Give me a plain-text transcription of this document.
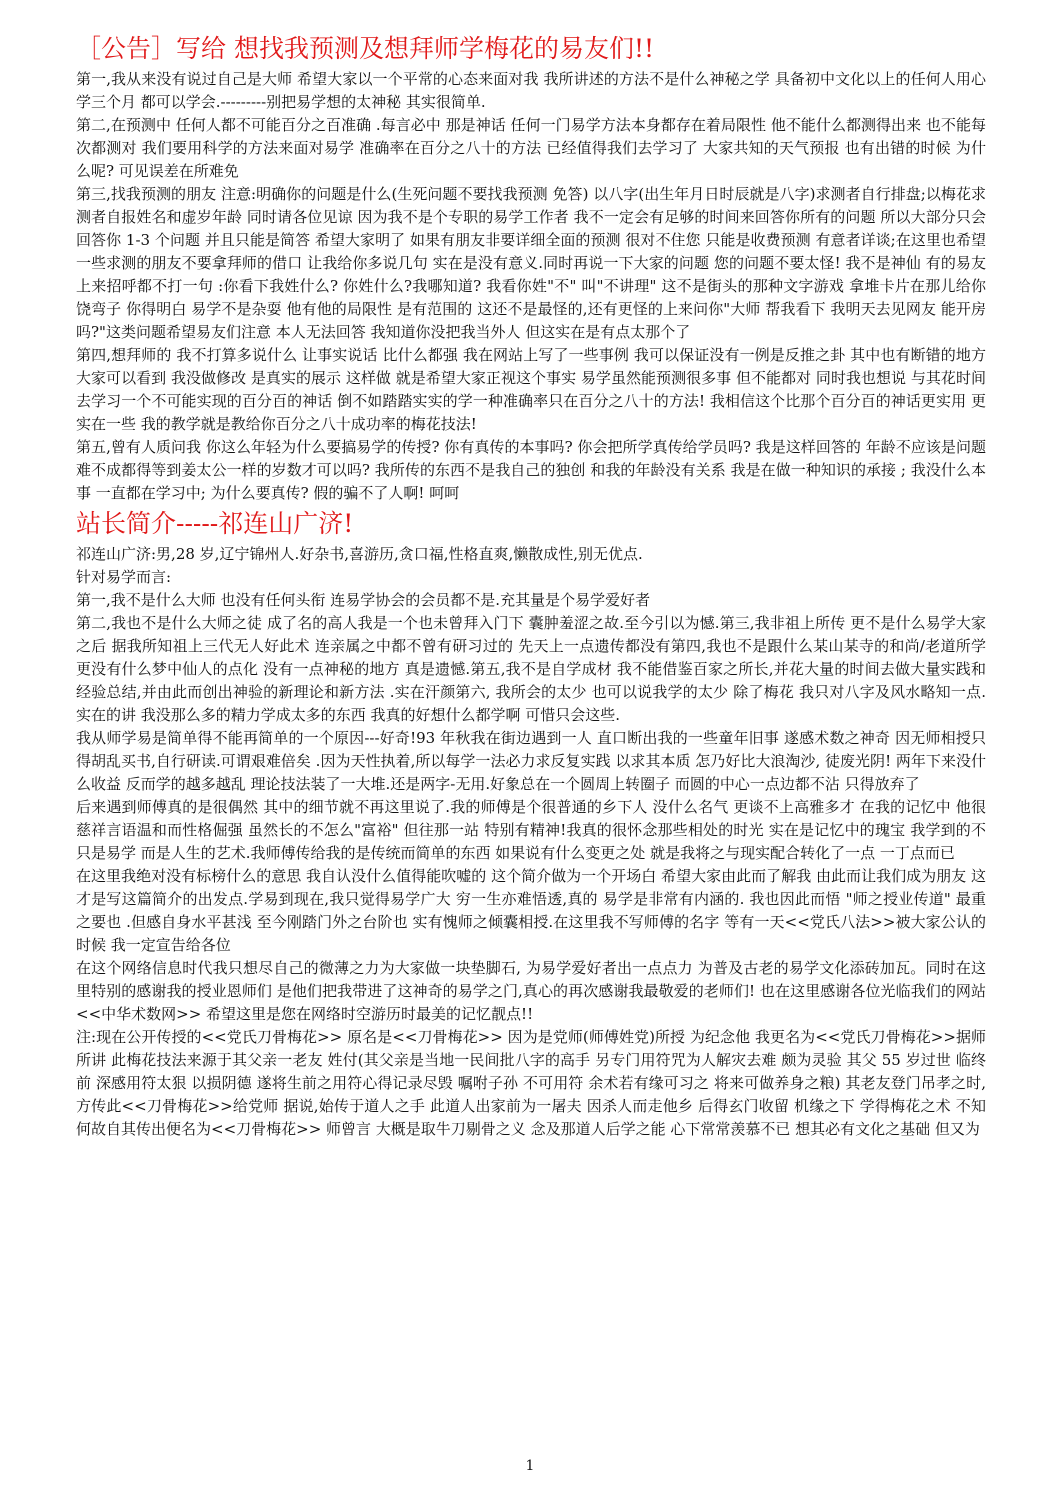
［公告］写给 想找我预测及想拜师学梅花的易友们!!

第一,我从来没有说过自己是大师 希望大家以一个平常的心态来面对我 我所讲述的方法不是什么神秘之学 具备初中文化以上的任何人用心学三个月 都可以学会.---------别把易学想的太神秘 其实很简单.

第二,在预测中 任何人都不可能百分之百准确 .每言必中 那是神话 任何一门易学方法本身都存在着局限性 他不能什么都测得出来 也不能每次都测对 我们要用科学的方法来面对易学 准确率在百分之八十的方法 已经值得我们去学习了 大家共知的天气预报 也有出错的时候 为什么呢? 可见误差在所难免

第三,找我预测的朋友 注意:明确你的问题是什么(生死问题不要找我预测 免答) 以八字(出生年月日时辰就是八字)求测者自行排盘;以梅花求测者自报姓名和虚岁年龄 同时请各位见谅 因为我不是个专职的易学工作者 我不一定会有足够的时间来回答你所有的问题 所以大部分只会回答你 1-3 个问题 并且只能是简答 希望大家明了 如果有朋友非要详细全面的预测 很对不住您 只能是收费预测 有意者详谈;在这里也希望一些求测的朋友不要拿拜师的借口 让我给你多说几句 实在是没有意义.同时再说一下大家的问题 您的问题不要太怪! 我不是神仙 有的易友上来招呼都不打一句 :你看下我姓什么? 你姓什么?我哪知道? 我看你姓"不" 叫"不讲理" 这不是街头的那种文字游戏 拿堆卡片在那儿给你饶弯子 你得明白 易学不是杂耍 他有他的局限性 是有范围的 这还不是最怪的,还有更怪的上来问你"大师 帮我看下 我明天去见网友 能开房吗?"这类问题希望易友们注意 本人无法回答 我知道你没把我当外人 但这实在是有点太那个了

第四,想拜师的 我不打算多说什么 让事实说话 比什么都强 我在网站上写了一些事例 我可以保证没有一例是反推之卦 其中也有断错的地方 大家可以看到 我没做修改 是真实的展示 这样做 就是希望大家正视这个事实 易学虽然能预测很多事 但不能都对 同时我也想说 与其花时间去学习一个不可能实现的百分百的神话 倒不如踏踏实实的学一种准确率只在百分之八十的方法! 我相信这个比那个百分百的神话更实用 更实在一些 我的教学就是教给你百分之八十成功率的梅花技法!

第五,曾有人质问我 你这么年轻为什么要搞易学的传授? 你有真传的本事吗? 你会把所学真传给学员吗? 我是这样回答的 年龄不应该是问题 难不成都得等到姜太公一样的岁数才可以吗? 我所传的东西不是我自己的独创 和我的年龄没有关系 我是在做一种知识的承接 ; 我没什么本事 一直都在学习中; 为什么要真传? 假的骗不了人啊! 呵呵

站长简介-----祁连山广济!

祁连山广济:男,28 岁,辽宁锦州人.好杂书,喜游历,贪口福,性格直爽,懒散成性,别无优点.

针对易学而言:

第一,我不是什么大师 也没有任何头衔 连易学协会的会员都不是.充其量是个易学爱好者

第二,我也不是什么大师之徒 成了名的高人我是一个也未曾拜入门下 囊肿羞涩之故.至今引以为憾.第三,我非祖上所传 更不是什么易学大家之后 据我所知祖上三代无人好此术 连亲属之中都不曾有研习过的 先天上一点遗传都没有第四,我也不是跟什么某山某寺的和尚/老道所学 更没有什么梦中仙人的点化 没有一点神秘的地方 真是遗憾.第五,我不是自学成材 我不能借鉴百家之所长,并花大量的时间去做大量实践和经验总结,并由此而创出神验的新理论和新方法 .实在汗颜第六, 我所会的太少 也可以说我学的太少 除了梅花 我只对八字及风水略知一点.实在的讲 我没那么多的精力学成太多的东西 我真的好想什么都学啊 可惜只会这些.

我从师学易是简单得不能再简单的一个原因---好奇!93 年秋我在街边遇到一人 直口断出我的一些童年旧事 遂感术数之神奇 因无师相授只得胡乱买书,自行研读.可谓艰难倍矣 .因为天性执着,所以每学一法必力求反复实践 以求其本质 怎乃好比大浪淘沙, 徒废光阴! 两年下来没什么收益 反而学的越多越乱 理论技法装了一大堆.还是两字-无用.好象总在一个圆周上转圈子 而圆的中心一点边都不沾 只得放弃了

后来遇到师傅真的是很偶然 其中的细节就不再这里说了.我的师傅是个很普通的乡下人 没什么名气 更谈不上高雅多才 在我的记忆中 他很慈祥言语温和而性格倔强 虽然长的不怎么"富裕" 但往那一站 特别有精神!我真的很怀念那些相处的时光 实在是记忆中的瑰宝 我学到的不只是易学 而是人生的艺术.我师傅传给我的是传统而简单的东西 如果说有什么变更之处 就是我将之与现实配合转化了一点 一丁点而已

在这里我绝对没有标榜什么的意思 我自认没什么值得能吹嘘的 这个简介做为一个开场白 希望大家由此而了解我 由此而让我们成为朋友 这才是写这篇简介的出发点.学易到现在,我只觉得易学广大 穷一生亦难悟透,真的 易学是非常有内涵的. 我也因此而悟 "师之授业传道" 最重之要也 .但感自身水平甚浅 至今刚踏门外之台阶也 实有愧师之倾囊相授.在这里我不写师傅的名字 等有一天<<党氏八法>>被大家公认的时候 我一定宣告给各位

在这个网络信息时代我只想尽自己的微薄之力为大家做一块垫脚石, 为易学爱好者出一点点力 为普及古老的易学文化添砖加瓦。同时在这里特别的感谢我的授业恩师们 是他们把我带进了这神奇的易学之门,真心的再次感谢我最敬爱的老师们! 也在这里感谢各位光临我们的网站<<中华术数网>> 希望这里是您在网络时空游历时最美的记忆靓点!!

注:现在公开传授的<<党氏刀骨梅花>> 原名是<<刀骨梅花>> 因为是党师(师傅姓党)所授 为纪念他 我更名为<<党氏刀骨梅花>>据师所讲 此梅花技法来源于其父亲一老友 姓付(其父亲是当地一民间批八字的高手 另专门用符咒为人解灾去难 颇为灵验 其父 55 岁过世 临终前 深感用符太狠 以损阴德 遂将生前之用符心得记录尽毁 嘱咐子孙 不可用符 余术若有缘可习之 将来可做养身之粮) 其老友登门吊孝之时,方传此<<刀骨梅花>>给党师 据说,始传于道人之手 此道人出家前为一屠夫 因杀人而走他乡 后得玄门收留 机缘之下 学得梅花之术 不知何故自其传出便名为<<刀骨梅花>> 师曾言 大概是取牛刀剔骨之义 念及那道人后学之能 心下常常羡慕不已 想其必有文化之基础 但又为

1
